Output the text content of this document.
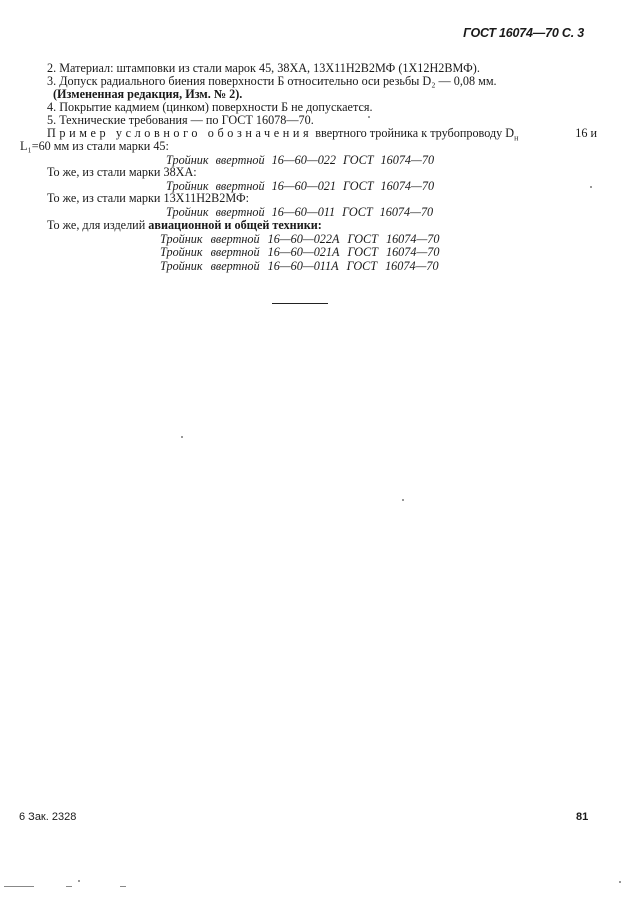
ГОСТ 16074—70 С. 3
2. Материал: штамповки из стали марок 45, 38ХА, 13Х11Н2В2МФ (1Х12Н2ВМФ).
3. Допуск радиального биения поверхности Б относительно оси резьбы D₂ — 0,08 мм.
(Измененная редакция, Изм. № 2).
4. Покрытие кадмием (цинком) поверхности Б не допускается.
5. Технические требования — по ГОСТ 16078—70.
Пример условного обозначения ввертного тройника к трубопроводу $D_н$	16 и
L₁=60 мм из стали марки 45:
Тройник ввертной 16—60—022 ГОСТ 16074—70
То же, из стали марки 38ХА:
Тройник ввертной 16—60—021 ГОСТ 16074—70
То же, из стали марки 13Х11Н2В2МФ:
Тройник ввертной 16—60—011 ГОСТ 16074—70
То же, для изделий авиационной и общей техники:
Тройник ввертной 16—60—022А ГОСТ 16074—70
Тройник ввертной 16—60—021А ГОСТ 16074—70
Тройник ввертной 16—60—011А ГОСТ 16074—70
6 Зак. 2328	81
